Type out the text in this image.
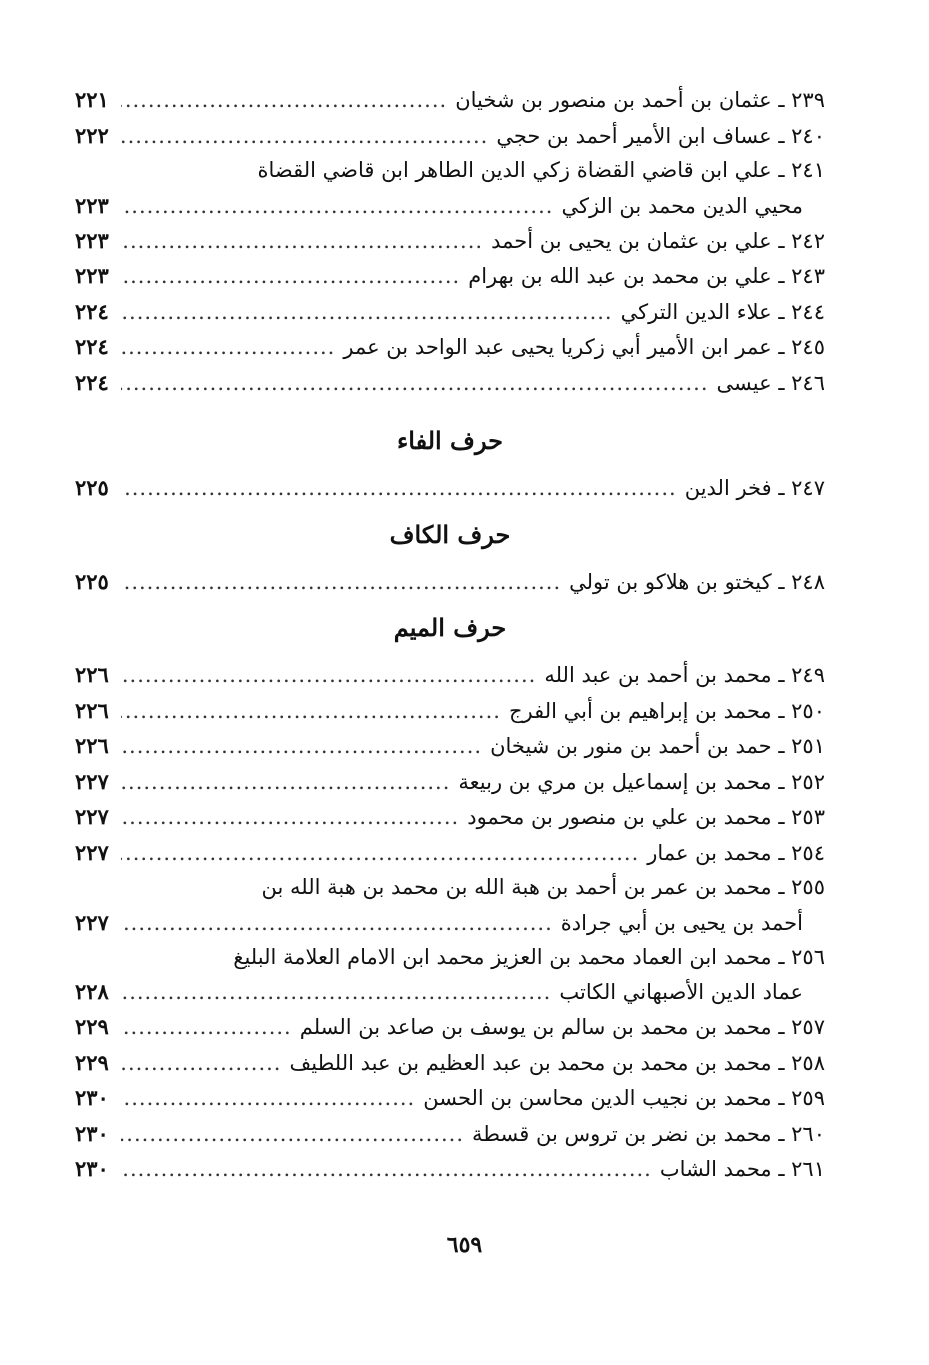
٢٣٩ ـ عثمان بن أحمد بن منصور بن شخيان
.....
٢٢١
٢٤٠ ـ عساف ابن الأمير أحمد بن حجي
.....
٢٢٢
٢٤١ ـ علي ابن قاضي القضاة زكي الدين الطاهر ابن قاضي القضاة
محيي الدين محمد بن الزكي
.....
٢٢٣
٢٤٢ ـ علي بن عثمان بن يحيى بن أحمد
.....
٢٢٣
٢٤٣ ـ علي بن محمد بن عبد الله بن بهرام
.....
٢٢٣
٢٤٤ ـ علاء الدين التركي
.....
٢٢٤
٢٤٥ ـ عمر ابن الأمير أبي زكريا يحيى عبد الواحد بن عمر
.....
٢٢٤
٢٤٦ ـ عيسى
.....
٢٢٤
حرف الفاء
٢٤٧ ـ فخر الدين
.....
٢٢٥
حرف الكاف
٢٤٨ ـ كيختو بن هلاكو بن تولي
.....
٢٢٥
حرف الميم
٢٤٩ ـ محمد بن أحمد بن عبد الله
.....
٢٢٦
٢٥٠ ـ محمد بن إبراهيم بن أبي الفرج
.....
٢٢٦
٢٥١ ـ حمد بن أحمد بن منور بن شيخان
.....
٢٢٦
٢٥٢ ـ محمد بن إسماعيل بن مري بن ربيعة
.....
٢٢٧
٢٥٣ ـ محمد بن علي بن منصور بن محمود
.....
٢٢٧
٢٥٤ ـ محمد بن عمار
.....
٢٢٧
٢٥٥ ـ محمد بن عمر بن أحمد بن هبة الله بن محمد بن هبة الله بن
أحمد بن يحيى بن أبي جرادة
.....
٢٢٧
٢٥٦ ـ محمد ابن العماد محمد بن العزيز محمد ابن الامام العلامة البليغ
عماد الدين الأصبهاني الكاتب
.....
٢٢٨
٢٥٧ ـ محمد بن محمد بن سالم بن يوسف بن صاعد بن السلم
.....
٢٢٩
٢٥٨ ـ محمد بن محمد بن محمد بن عبد العظيم بن عبد اللطيف
.....
٢٢٩
٢٥٩ ـ محمد بن نجيب الدين محاسن بن الحسن
.....
٢٣٠
٢٦٠ ـ محمد بن نضر بن تروس بن قسطة
.....
٢٣٠
٢٦١ ـ محمد الشاب
.....
٢٣٠
٦٥٩
